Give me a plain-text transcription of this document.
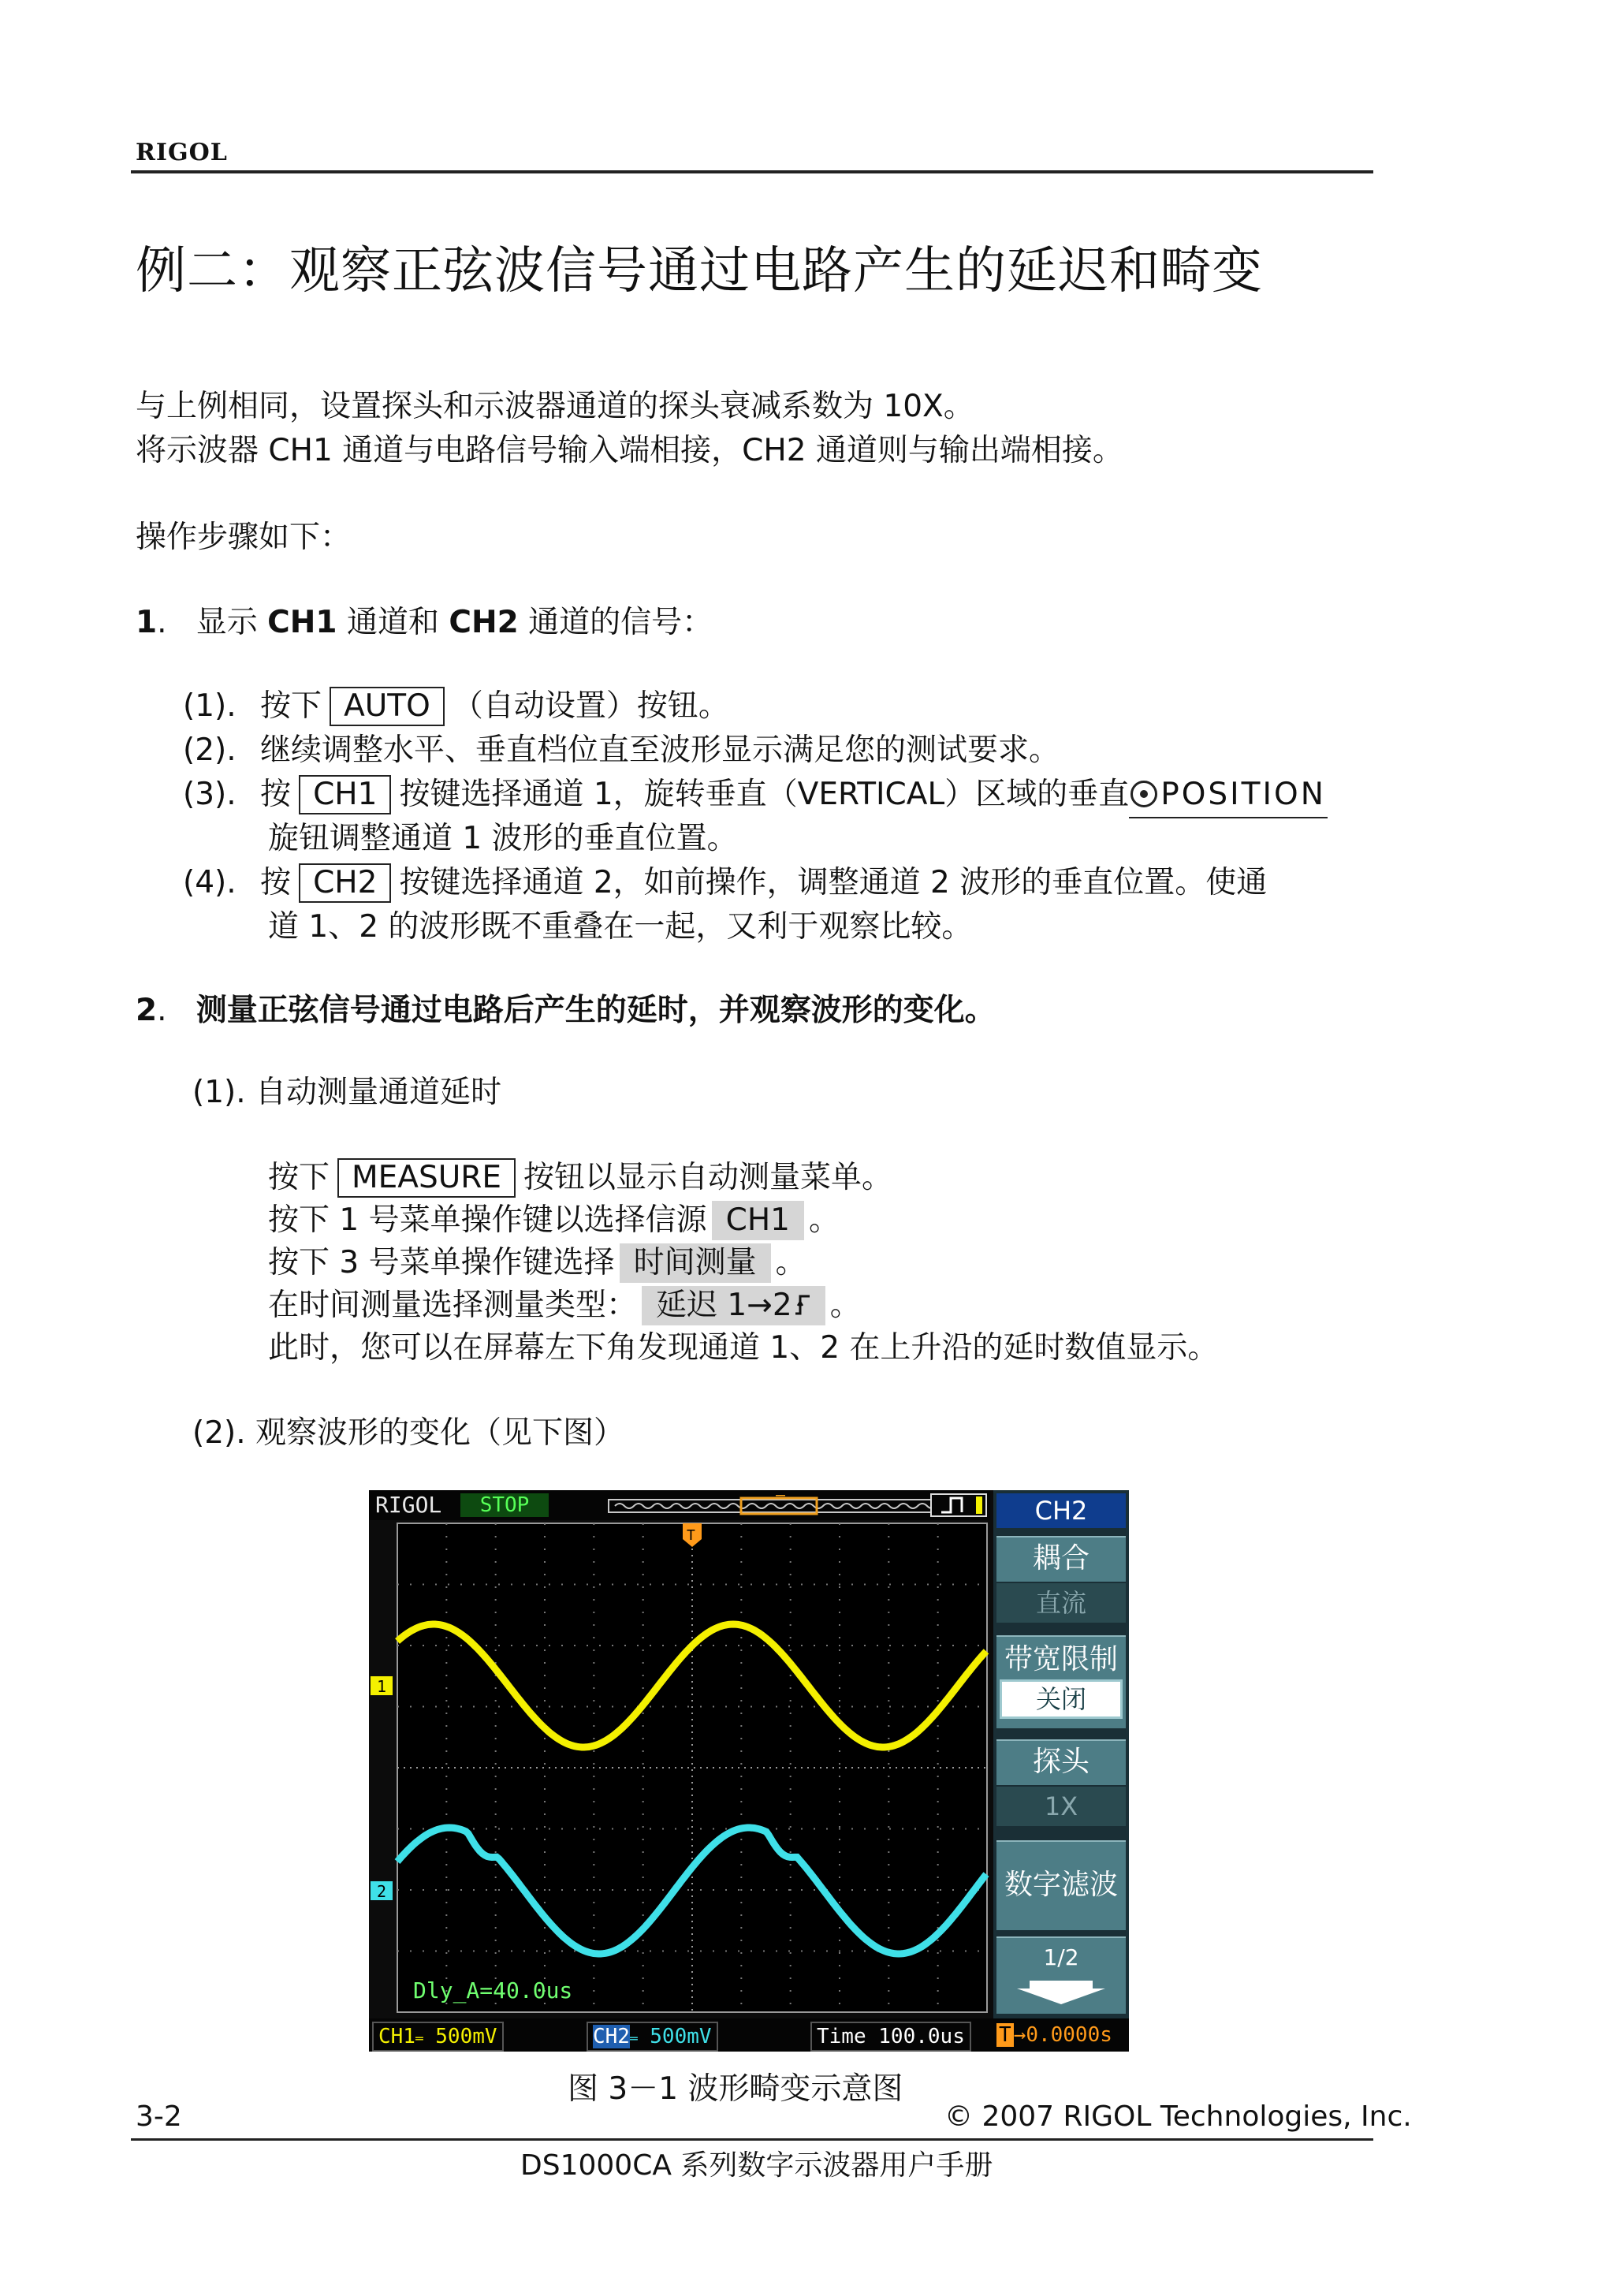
RIGOL
例二：观察正弦波信号通过电路产生的延迟和畸变
与上例相同，设置探头和示波器通道的探头衰减系数为 10X。
将示波器 CH1 通道与电路信号输入端相接，CH2 通道则与输出端相接。
操作步骤如下：
1.   显示 CH1 通道和 CH2 通道的信号：
(1). 按下 AUTO （自动设置）按钮。
(2). 继续调整水平、垂直档位直至波形显示满足您的测试要求。
(3). 按 CH1 按键选择通道 1，旋转垂直（VERTICAL）区域的垂直 POSITION
旋钮调整通道 1 波形的垂直位置。
(4). 按 CH2 按键选择通道 2，如前操作，调整通道 2 波形的垂直位置。使通
道 1、2 的波形既不重叠在一起，又利于观察比较。
2.   测量正弦信号通过电路后产生的延时，并观察波形的变化。
(1). 自动测量通道延时
按下 MEASURE 按钮以显示自动测量菜单。
按下 1 号菜单操作键以选择信源 CH1 。
按下 3 号菜单操作键选择 时间测量 。
在时间测量选择测量类型： 延迟 1→2 。
此时，您可以在屏幕左下角发现通道 1、2 在上升沿的延时数值显示。
(2). 观察波形的变化（见下图）
RIGOL	STOP
1
2
T
Dly_A=40.0us
CH2
耦合
直流
带宽限制
关闭
探头
1X
数字滤波
1/2
CH1═ 500mV	CH2═ 500mV	Time 100.0us	T →0.0000s
图 3－1 波形畸变示意图
3-2	© 2007 RIGOL Technologies, Inc.
DS1000CA 系列数字示波器用户手册
